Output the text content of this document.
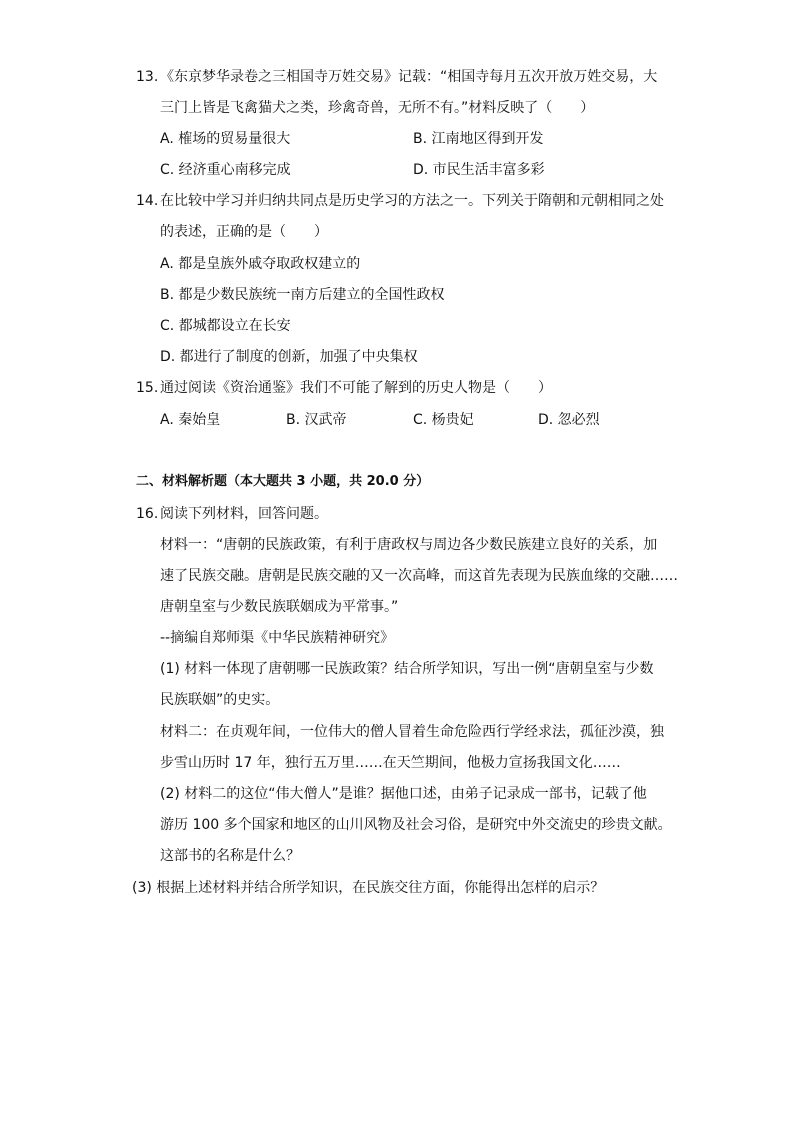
13. 《东京梦华录卷之三相国寺万姓交易》记载：“相国寺每月五次开放万姓交易，大
三门上皆是飞禽猫犬之类，珍禽奇兽，无所不有。”材料反映了（　　）
A. 榷场的贸易量很大	B. 江南地区得到开发
C. 经济重心南移完成	D. 市民生活丰富多彩
14. 在比较中学习并归纳共同点是历史学习的方法之一。下列关于隋朝和元朝相同之处
的表述，正确的是（　　）
A. 都是皇族外戚夺取政权建立的
B. 都是少数民族统一南方后建立的全国性政权
C. 都城都设立在长安
D. 都进行了制度的创新，加强了中央集权
15. 通过阅读《资治通鉴》我们不可能了解到的历史人物是（　　）
A. 秦始皇	B. 汉武帝	C. 杨贵妃	D. 忽必烈
二、材料解析题（本大题共 3 小题，共 20.0 分）
16. 阅读下列材料，回答问题。
材料一：“唐朝的民族政策，有利于唐政权与周边各少数民族建立良好的关系，加
速了民族交融。唐朝是民族交融的又一次高峰，而这首先表现为民族血缘的交融……
唐朝皇室与少数民族联姻成为平常事。”
--摘编自郑师渠《中华民族精神研究》
(1) 材料一体现了唐朝哪一民族政策？结合所学知识，写出一例“唐朝皇室与少数
民族联姻”的史实。
材料二：在贞观年间，一位伟大的僧人冒着生命危险西行学经求法，孤征沙漠，独
步雪山历时 17 年，独行五万里……在天竺期间，他极力宣扬我国文化……
(2) 材料二的这位“伟大僧人”是谁？据他口述，由弟子记录成一部书，记载了他
游历 100 多个国家和地区的山川风物及社会习俗，是研究中外交流史的珍贵文献。
这部书的名称是什么？
(3) 根据上述材料并结合所学知识，在民族交往方面，你能得出怎样的启示？
